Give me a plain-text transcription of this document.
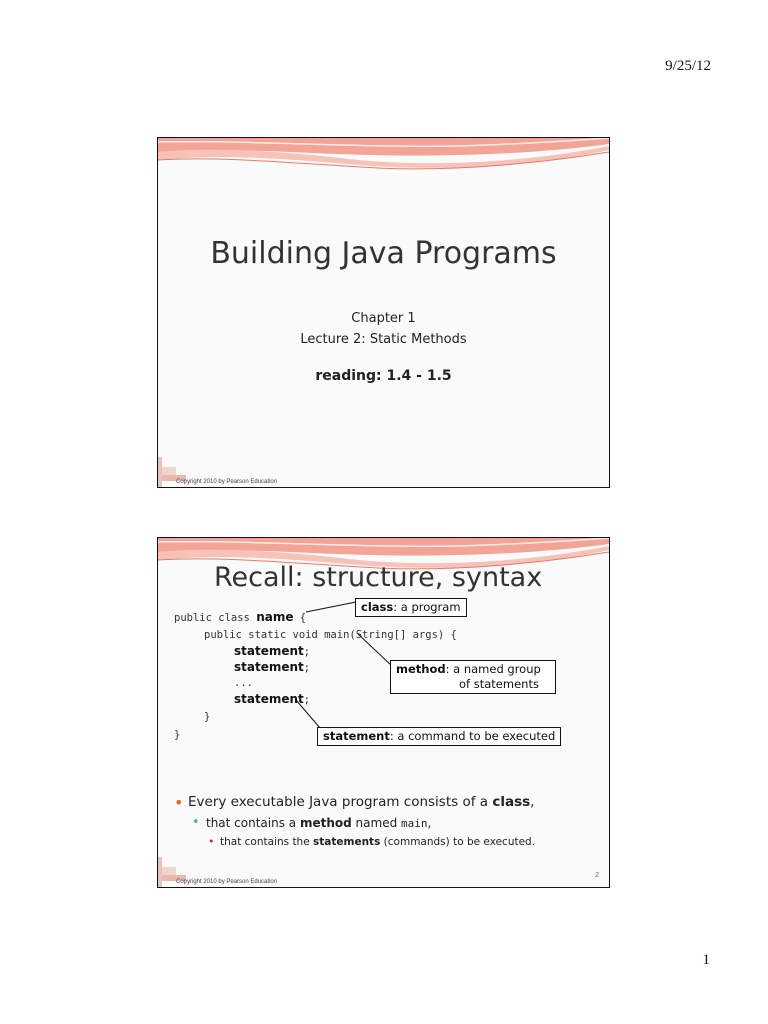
9/25/12
Building Java Programs
Chapter 1
Lecture 2: Static Methods
reading: 1.4 - 1.5
Copyright 2010 by Pearson Education
Recall: structure, syntax
public class name {
public static void main(String[] args) {
statement;
statement;
...
statement;
}
}
class: a program
method: a named group
of statements
statement: a command to be executed
• Every executable Java program consists of a class,
• that contains a method named main,
• that contains the statements (commands) to be executed.
Copyright 2010 by Pearson Education
2
1
